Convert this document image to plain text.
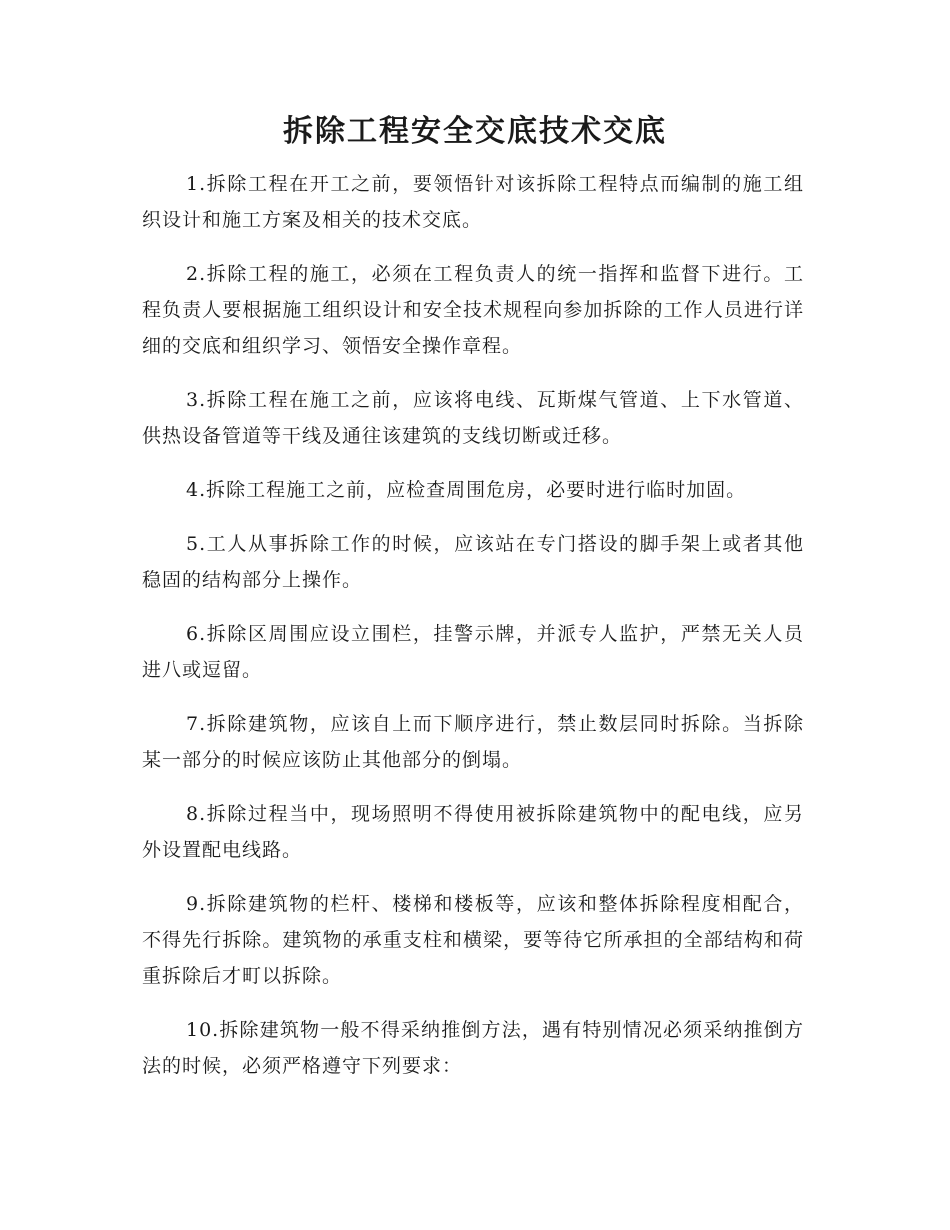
拆除工程安全交底技术交底

1.拆除工程在开工之前，要领悟针对该拆除工程特点而编制的施工组织设计和施工方案及相关的技术交底。

2.拆除工程的施工，必须在工程负责人的统一指挥和监督下进行。工程负责人要根据施工组织设计和安全技术规程向参加拆除的工作人员进行详细的交底和组织学习、领悟安全操作章程。

3.拆除工程在施工之前，应该将电线、瓦斯煤气管道、上下水管道、供热设备管道等干线及通往该建筑的支线切断或迁移。

4.拆除工程施工之前，应检查周围危房，必要时进行临时加固。

5.工人从事拆除工作的时候，应该站在专门搭设的脚手架上或者其他稳固的结构部分上操作。

6.拆除区周围应设立围栏，挂警示牌，并派专人监护，严禁无关人员进八或逗留。

7.拆除建筑物，应该自上而下顺序进行，禁止数层同时拆除。当拆除某一部分的时候应该防止其他部分的倒塌。

8.拆除过程当中，现场照明不得使用被拆除建筑物中的配电线，应另外设置配电线路。

9.拆除建筑物的栏杆、楼梯和楼板等，应该和整体拆除程度相配合，不得先行拆除。建筑物的承重支柱和横梁，要等待它所承担的全部结构和荷重拆除后才町以拆除。

10.拆除建筑物一般不得采纳推倒方法，遇有特别情况必须采纳推倒方法的时候，必须严格遵守下列要求：
